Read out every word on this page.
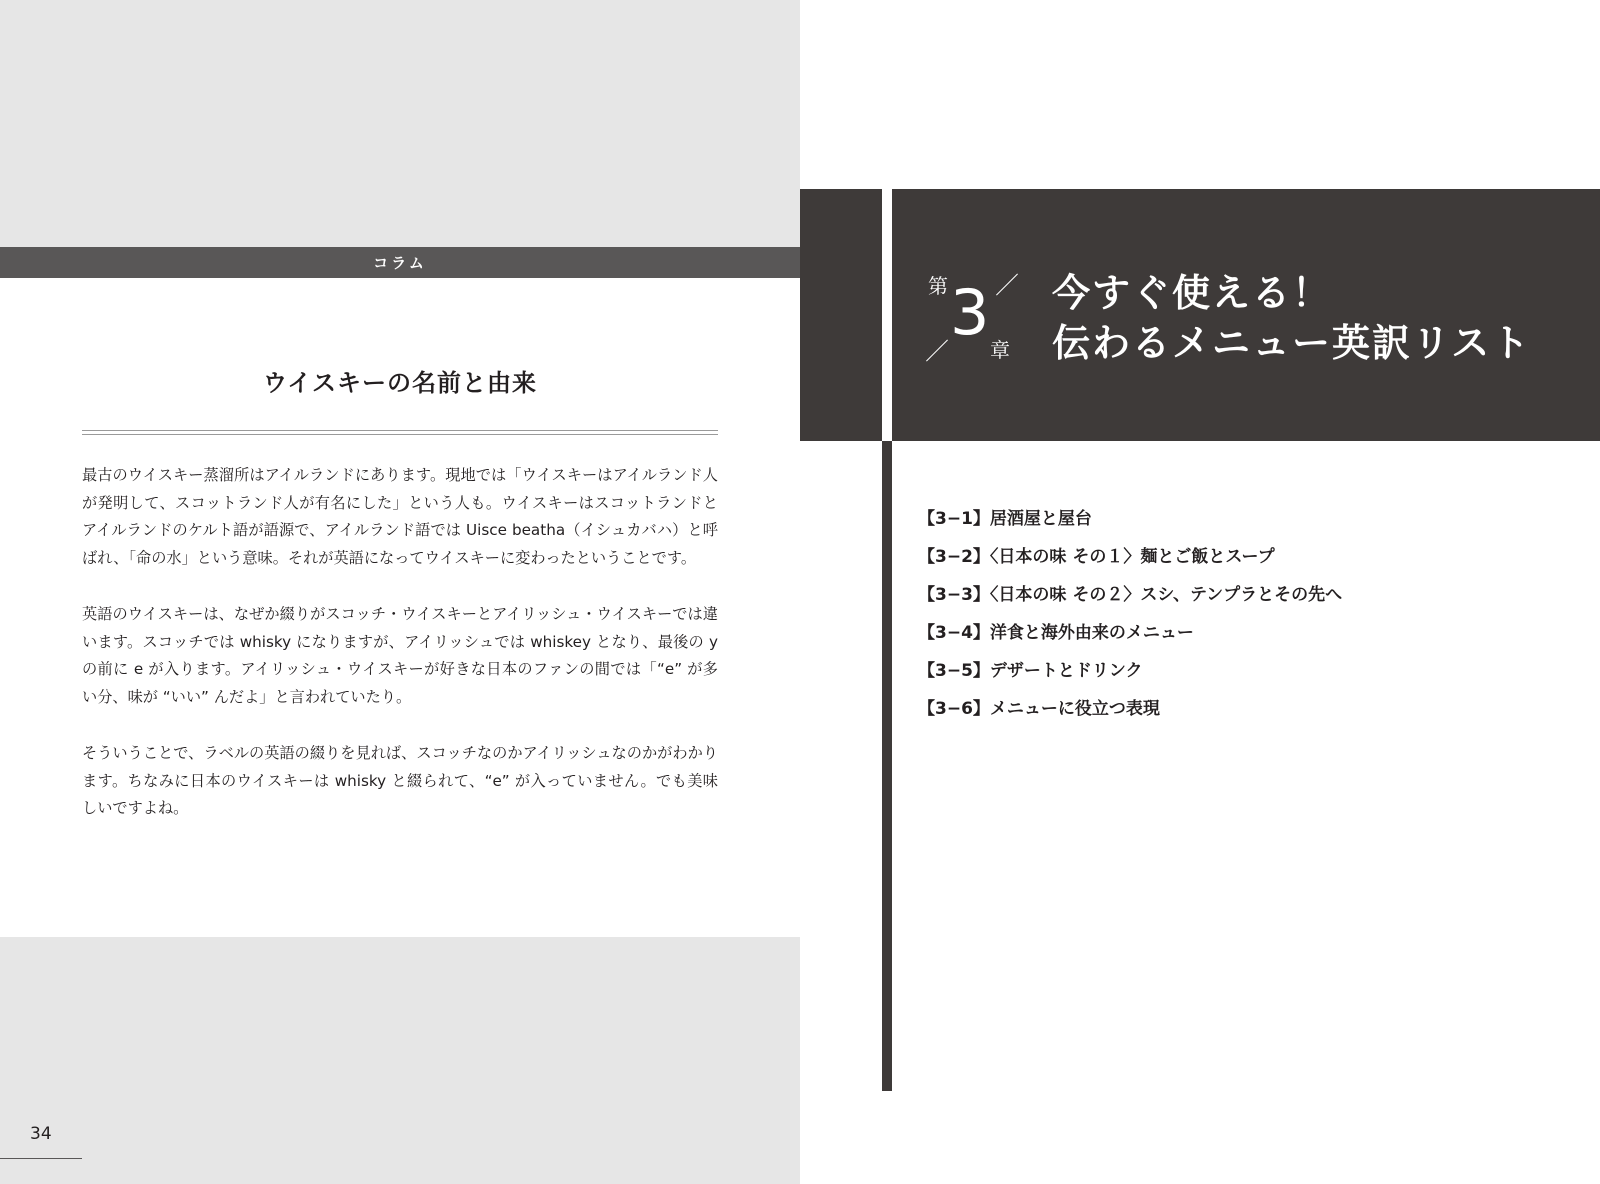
コラム
ウイスキーの名前と由来

最古のウイスキー蒸溜所はアイルランドにあります。現地では「ウイスキーはアイルランド人が発明して、スコットランド人が有名にした」という人も。ウイスキーはスコットランドとアイルランドのケルト語が語源で、アイルランド語では Uisce beatha（イシュカバハ）と呼ばれ、「命の水」という意味。それが英語になってウイスキーに変わったということです。

英語のウイスキーは、なぜか綴りがスコッチ・ウイスキーとアイリッシュ・ウイスキーでは違います。スコッチでは whisky になりますが、アイリッシュでは whiskey となり、最後の y の前に e が入ります。アイリッシュ・ウイスキーが好きな日本のファンの間では「“e” が多い分、味が “いい” んだよ」と言われていたり。

そういうことで、ラベルの英語の綴りを見れば、スコッチなのかアイリッシュなのかがわかります。ちなみに日本のウイスキーは whisky と綴られて、“e” が入っていません。でも美味しいですよね。

34
第 3
章
今すぐ使える！
伝わるメニュー英訳リスト
【3−1】居酒屋と屋台
【3−2】〈日本の味 その１〉麺とご飯とスープ
【3−3】〈日本の味 その２〉スシ、テンプラとその先へ
【3−4】洋食と海外由来のメニュー
【3−5】デザートとドリンク
【3−6】メニューに役立つ表現
